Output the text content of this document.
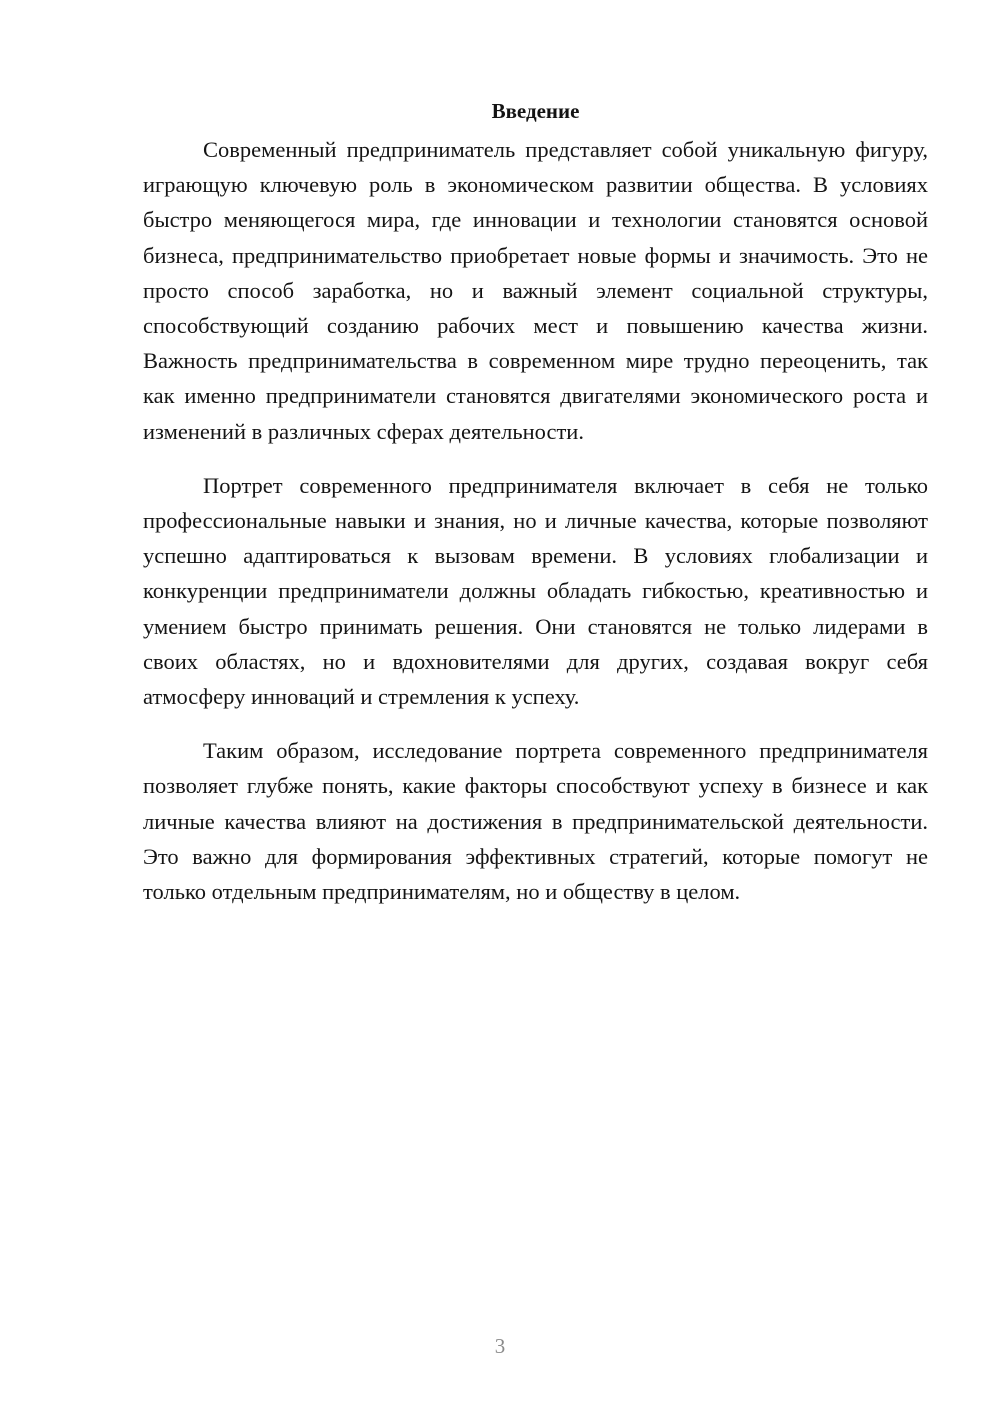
Введение

Современный предприниматель представляет собой уникальную фигуру, играющую ключевую роль в экономическом развитии общества. В условиях быстро меняющегося мира, где инновации и технологии становятся основой бизнеса, предпринимательство приобретает новые формы и значимость. Это не просто способ заработка, но и важный элемент социальной структуры, способствующий созданию рабочих мест и повышению качества жизни. Важность предпринимательства в современном мире трудно переоценить, так как именно предприниматели становятся двигателями экономического роста и изменений в различных сферах деятельности.

Портрет современного предпринимателя включает в себя не только профессиональные навыки и знания, но и личные качества, которые позволяют успешно адаптироваться к вызовам времени. В условиях глобализации и конкуренции предприниматели должны обладать гибкостью, креативностью и умением быстро принимать решения. Они становятся не только лидерами в своих областях, но и вдохновителями для других, создавая вокруг себя атмосферу инноваций и стремления к успеху.

Таким образом, исследование портрета современного предпринимателя позволяет глубже понять, какие факторы способствуют успеху в бизнесе и как личные качества влияют на достижения в предпринимательской деятельности. Это важно для формирования эффективных стратегий, которые помогут не только отдельным предпринимателям, но и обществу в целом.

3
